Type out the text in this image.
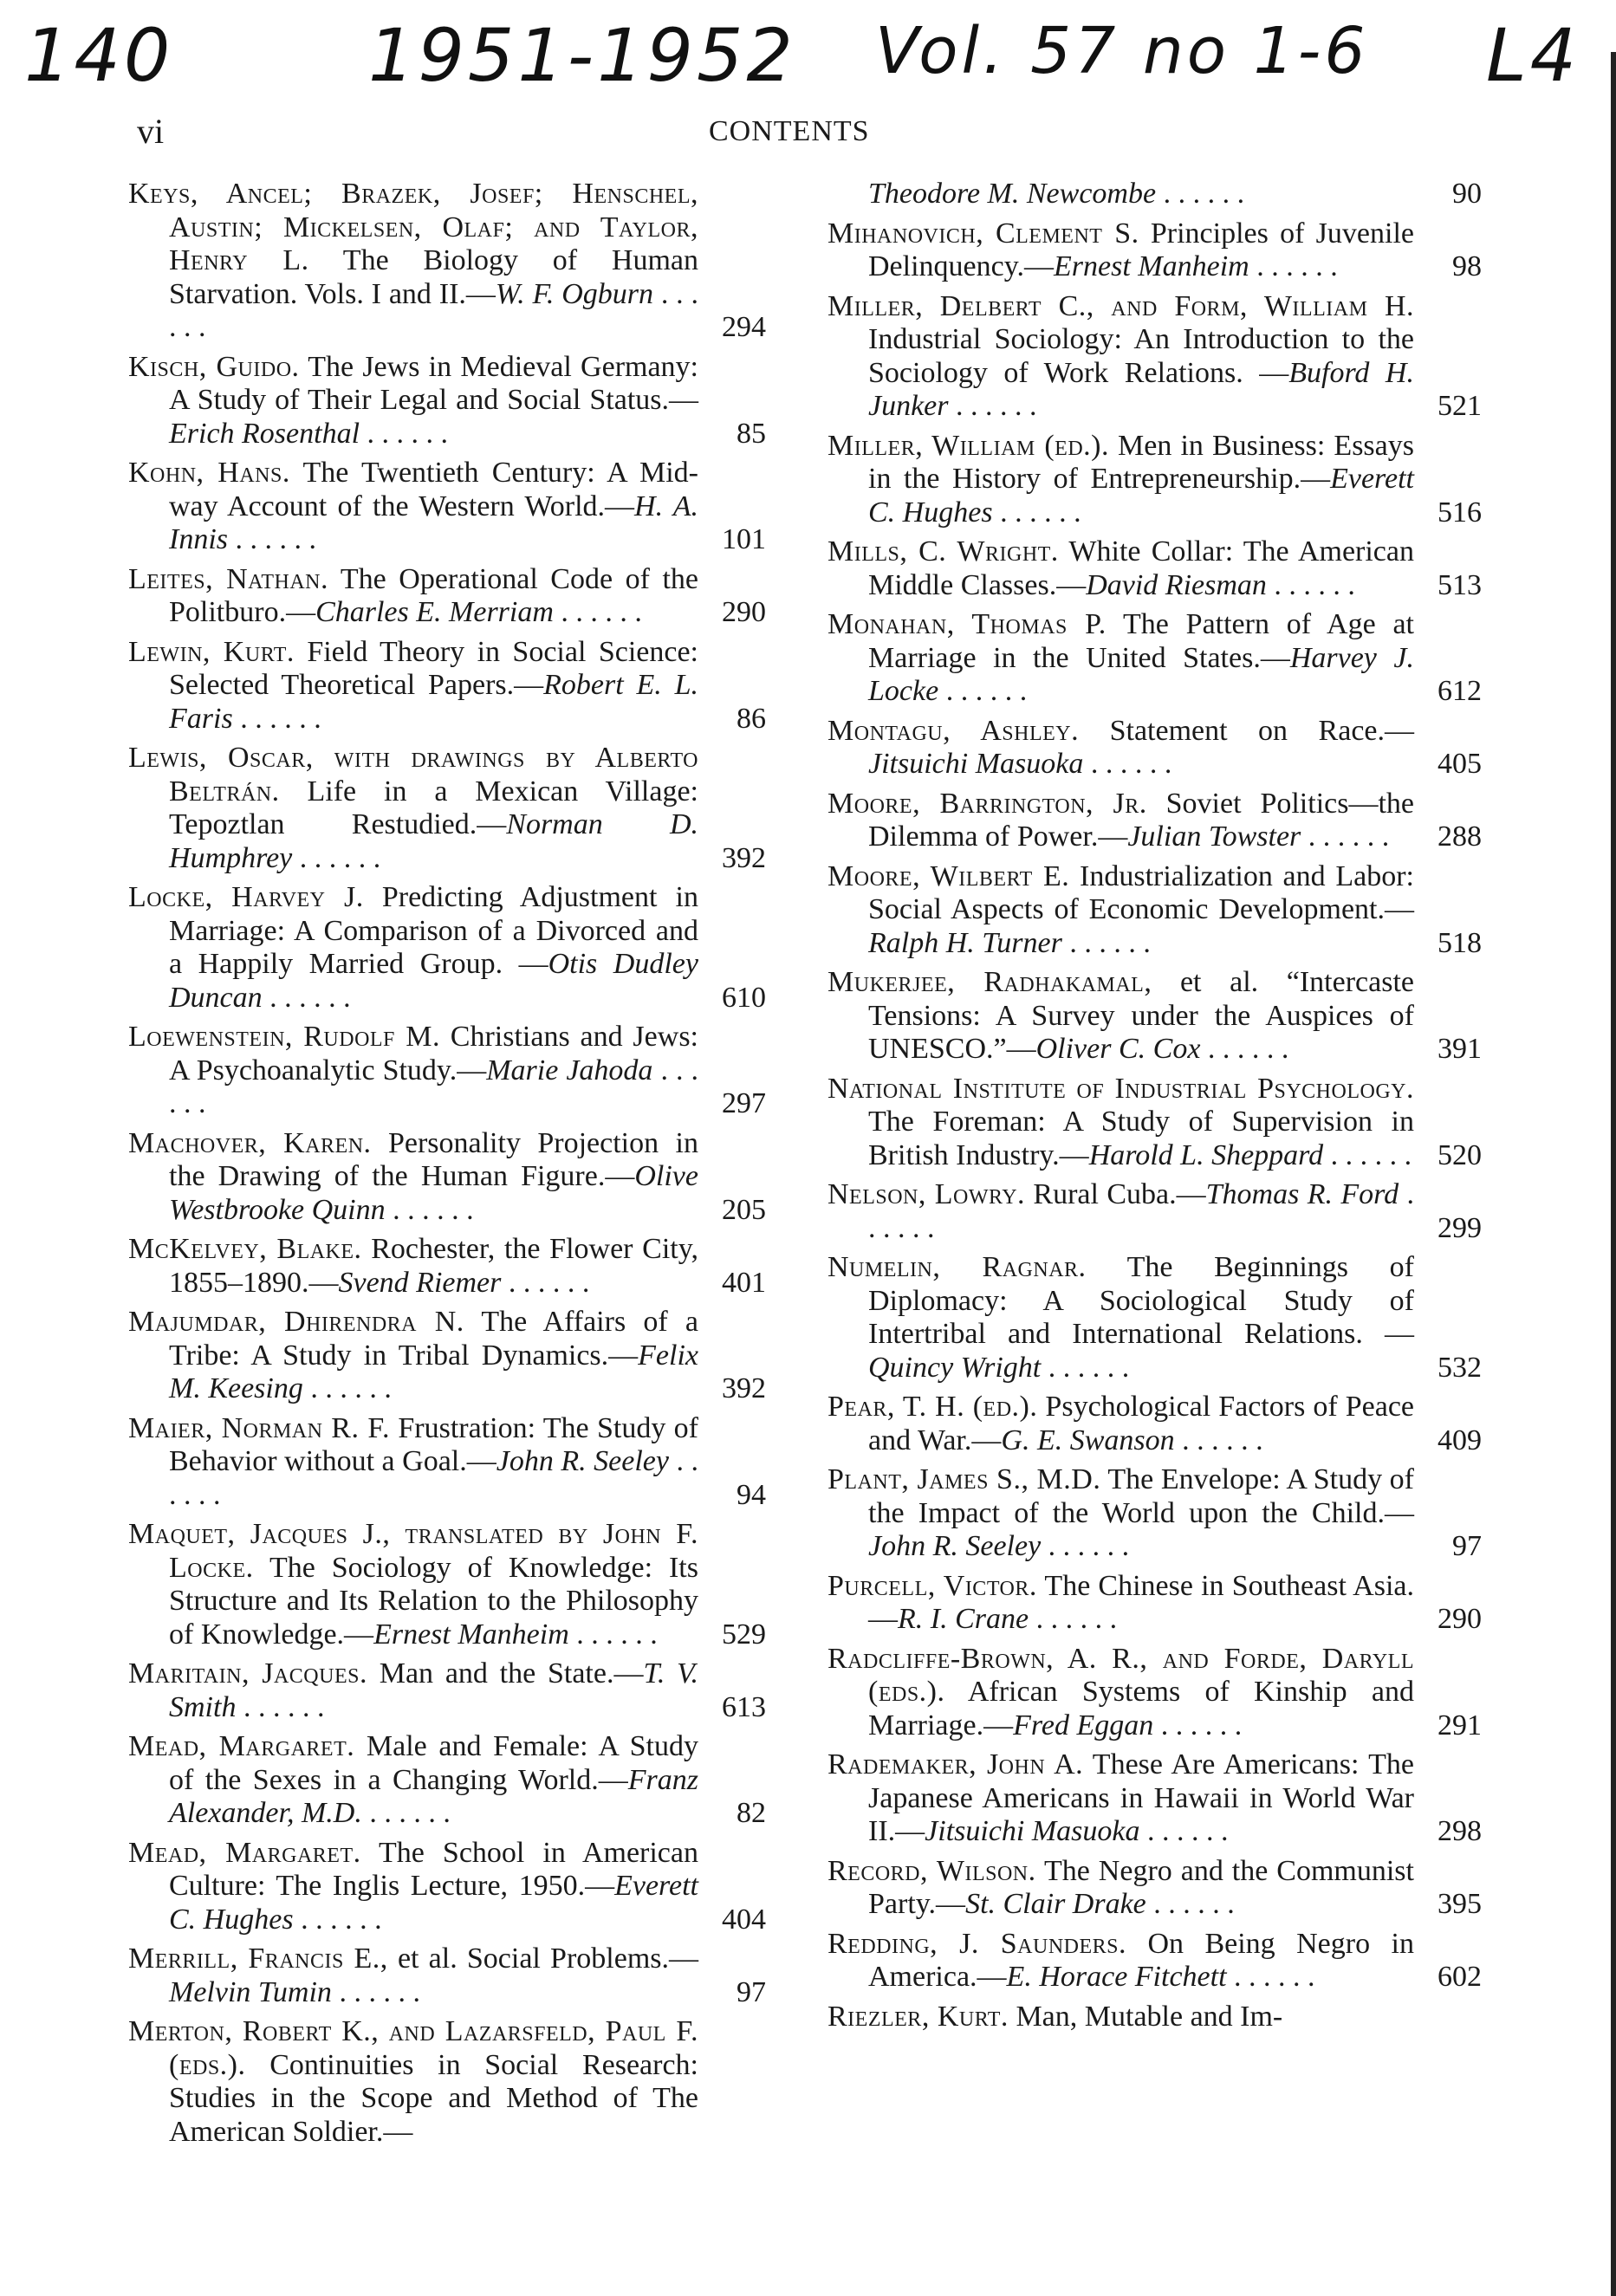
140	1951-1952 Vol. 57 no 1-6 L4
vi	CONTENTS
Keys, Ancel; Brazek, Josef; Henschel, Austin; Mickelsen, Olaf; and Taylor, Henry L. The Biology of Human Starvation. Vols. I and II.—W. F. Ogburn . . . . . .	294
Kisch, Guido. The Jews in Medieval Germany: A Study of Their Legal and Social Status.—Erich Rosenthal . . . . . .	85
Kohn, Hans. The Twentieth Century: A Mid-way Account of the Western World.—H. A. Innis . . . . . .	101
Leites, Nathan. The Operational Code of the Politburo.—Charles E. Merriam . . . . . .	290
Lewin, Kurt. Field Theory in Social Science: Selected Theoretical Papers.—Robert E. L. Faris . . . . . .	86
Lewis, Oscar, with drawings by Alberto Beltrán. Life in a Mexican Village: Tepoztlan Restudied.—Norman D. Humphrey . . . . . .	392
Locke, Harvey J. Predicting Adjustment in Marriage: A Comparison of a Divorced and a Happily Married Group. —Otis Dudley Duncan . . . . . .	610
Loewenstein, Rudolf M. Christians and Jews: A Psychoanalytic Study.—Marie Jahoda . . . . . .	297
Machover, Karen. Personality Projection in the Drawing of the Human Figure.—Olive Westbrooke Quinn . . . . . .	205
McKelvey, Blake. Rochester, the Flower City, 1855–1890.—Svend Riemer . . . . . .	401
Majumdar, Dhirendra N. The Affairs of a Tribe: A Study in Tribal Dynamics.—Felix M. Keesing . . . . . .	392
Maier, Norman R. F. Frustration: The Study of Behavior without a Goal.—John R. Seeley . . . . . .	94
Maquet, Jacques J., translated by John F. Locke. The Sociology of Knowledge: Its Structure and Its Relation to the Philosophy of Knowledge.—Ernest Manheim . . . . . .	529
Maritain, Jacques. Man and the State.—T. V. Smith . . . . . .	613
Mead, Margaret. Male and Female: A Study of the Sexes in a Changing World.—Franz Alexander, M.D. . . . . . .	82
Mead, Margaret. The School in American Culture: The Inglis Lecture, 1950.—Everett C. Hughes . . . . . .	404
Merrill, Francis E., et al. Social Problems.—Melvin Tumin . . . . . .	97
Merton, Robert K., and Lazarsfeld, Paul F. (eds.). Continuities in Social Research: Studies in the Scope and Method of The American Soldier.—
Theodore M. Newcombe . . . . . .	90
Mihanovich, Clement S. Principles of Juvenile Delinquency.—Ernest Manheim . . . . . .	98
Miller, Delbert C., and Form, William H. Industrial Sociology: An Introduction to the Sociology of Work Relations. —Buford H. Junker . . . . . .	521
Miller, William (ed.). Men in Business: Essays in the History of Entrepreneurship.—Everett C. Hughes . . . . . .	516
Mills, C. Wright. White Collar: The American Middle Classes.—David Riesman . . . . . .	513
Monahan, Thomas P. The Pattern of Age at Marriage in the United States.—Harvey J. Locke . . . . . .	612
Montagu, Ashley. Statement on Race.—Jitsuichi Masuoka . . . . . .	405
Moore, Barrington, Jr. Soviet Politics—the Dilemma of Power.—Julian Towster . . . . . .	288
Moore, Wilbert E. Industrialization and Labor: Social Aspects of Economic Development.—Ralph H. Turner . . . . . .	518
Mukerjee, Radhakamal, et al. “Intercaste Tensions: A Survey under the Auspices of UNESCO.”—Oliver C. Cox . . . . . .	391
National Institute of Industrial Psychology. The Foreman: A Study of Supervision in British Industry.—Harold L. Sheppard . . . . . . 520
Nelson, Lowry. Rural Cuba.—Thomas R. Ford . . . . . .	299
Numelin, Ragnar. The Beginnings of Diplomacy: A Sociological Study of Intertribal and International Relations. —Quincy Wright . . . . . .	532
Pear, T. H. (ed.). Psychological Factors of Peace and War.—G. E. Swanson . . . . . .	409
Plant, James S., M.D. The Envelope: A Study of the Impact of the World upon the Child.—John R. Seeley . . . . . .	97
Purcell, Victor. The Chinese in Southeast Asia.—R. I. Crane . . . . . .	290
Radcliffe-Brown, A. R., and Forde, Daryll (eds.). African Systems of Kinship and Marriage.—Fred Eggan . . . . . .	291
Rademaker, John A. These Are Americans: The Japanese Americans in Hawaii in World War II.—Jitsuichi Masuoka . . . . . .	298
Record, Wilson. The Negro and the Communist Party.—St. Clair Drake . . . . . .	395
Redding, J. Saunders. On Being Negro in America.—E. Horace Fitchett . . . . . .	602
Riezler, Kurt. Man, Mutable and Im-
